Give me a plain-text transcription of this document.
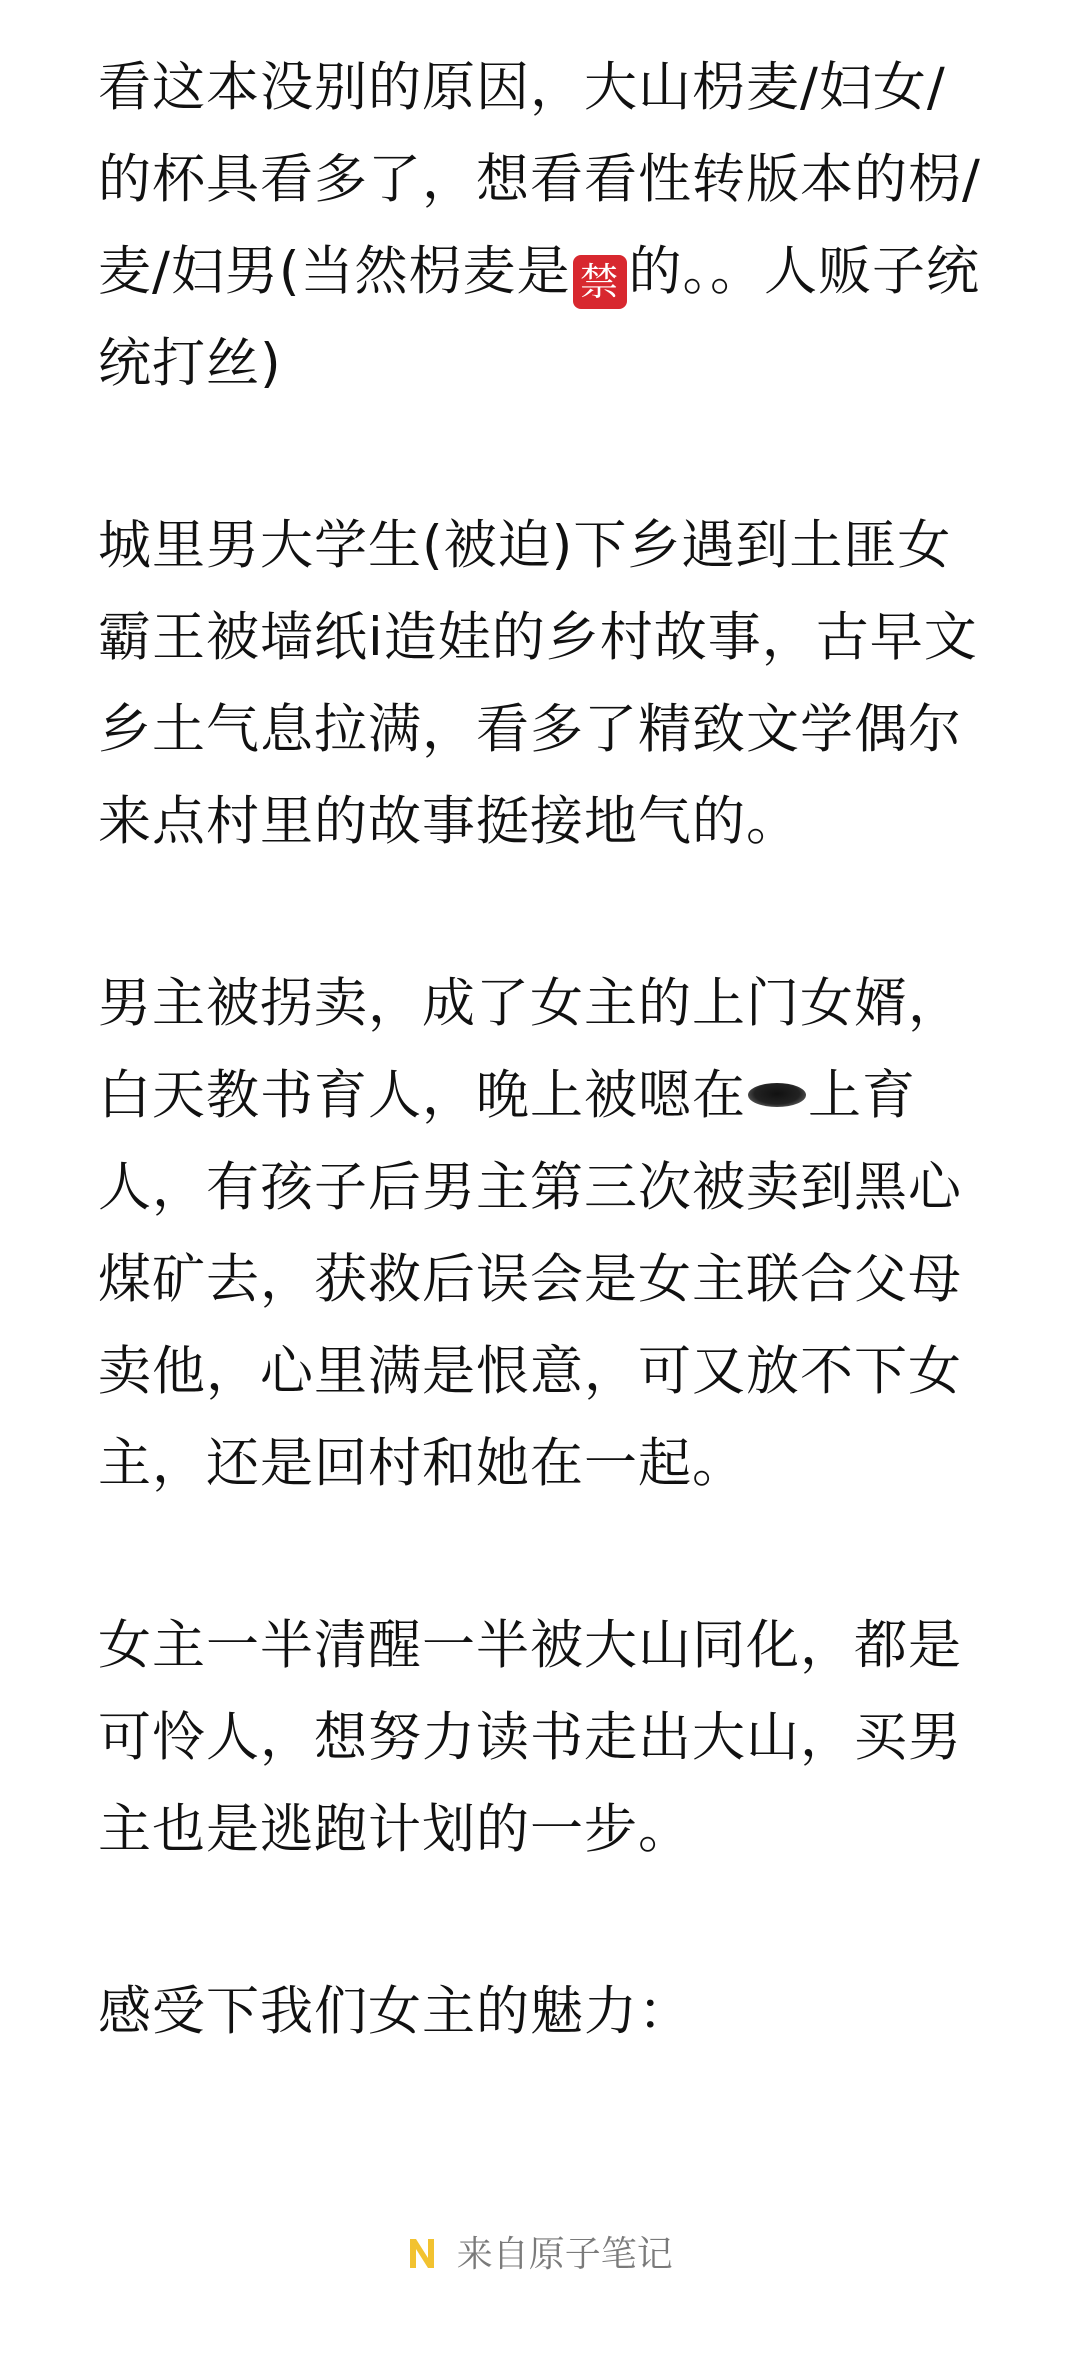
看这本没别的原因，大山枴麦/妇女/的杯具看多了，想看看性转版本的枴/麦/妇男(当然枴麦是 禁 的。。人贩子统统打丝)

城里男大学生(被迫)下乡遇到土匪女霸王被墙纸i造娃的乡村故事，古早文乡土气息拉满，看多了精致文学偶尔来点村里的故事挺接地气的。

男主被拐卖，成了女主的上门女婿，白天教书育人，晚上被嗯在 上育人，有孩子后男主第三次被卖到黑心煤矿去，获救后误会是女主联合父母卖他，心里满是恨意，可又放不下女主，还是回村和她在一起。

女主一半清醒一半被大山同化，都是可怜人，想努力读书走出大山，买男主也是逃跑计划的一步。

感受下我们女主的魅力：

来自原子笔记
